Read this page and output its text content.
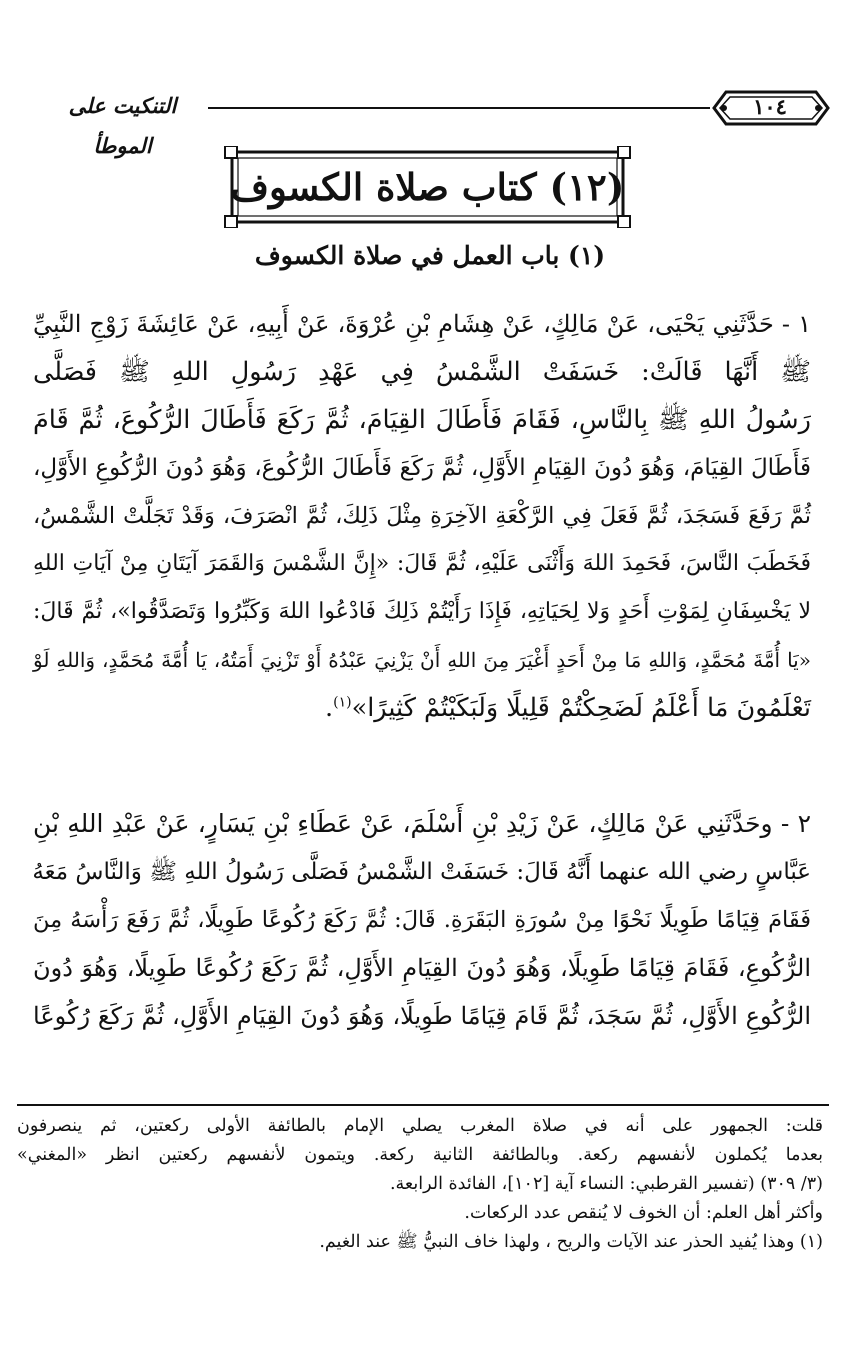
١٠٤
التنكيت على الموطأ
(١٢) كتاب صلاة الكسوف
(١) باب العمل في صلاة الكسوف
١ - حَدَّثَنِي يَحْيَى، عَنْ مَالِكٍ، عَنْ هِشَامِ بْنِ عُرْوَةَ، عَنْ أَبِيهِ، عَنْ عَائِشَةَ زَوْجِ النَّبِيِّ
ﷺ أَنَّهَا قَالَتْ: خَسَفَتْ الشَّمْسُ فِي عَهْدِ رَسُولِ اللهِ ﷺ فَصَلَّى
رَسُولُ اللهِ ﷺ بِالنَّاسِ، فَقَامَ فَأَطَالَ القِيَامَ، ثُمَّ رَكَعَ فَأَطَالَ الرُّكُوعَ، ثُمَّ قَامَ
فَأَطَالَ القِيَامَ، وَهُوَ دُونَ القِيَامِ الأَوَّلِ، ثُمَّ رَكَعَ فَأَطَالَ الرُّكُوعَ، وَهُوَ دُونَ الرُّكُوعِ الأَوَّلِ،
ثُمَّ رَفَعَ فَسَجَدَ، ثُمَّ فَعَلَ فِي الرَّكْعَةِ الآخِرَةِ مِثْلَ ذَلِكَ، ثُمَّ انْصَرَفَ، وَقَدْ تَجَلَّتْ الشَّمْسُ،
فَخَطَبَ النَّاسَ، فَحَمِدَ اللهَ وَأَثْنَى عَلَيْهِ، ثُمَّ قَالَ: «إِنَّ الشَّمْسَ وَالقَمَرَ آيَتَانِ مِنْ آيَاتِ اللهِ
لا يَخْسِفَانِ لِمَوْتِ أَحَدٍ وَلا لِحَيَاتِهِ، فَإِذَا رَأَيْتُمْ ذَلِكَ فَادْعُوا اللهَ وَكَبِّرُوا وَتَصَدَّقُوا»، ثُمَّ قَالَ:
«يَا أُمَّةَ مُحَمَّدٍ، وَاللهِ مَا مِنْ أَحَدٍ أَغْيَرَ مِنَ اللهِ أَنْ يَزْنِيَ عَبْدُهُ أَوْ تَزْنِيَ أَمَتُهُ، يَا أُمَّةَ مُحَمَّدٍ، وَاللهِ لَوْ
تَعْلَمُونَ مَا أَعْلَمُ لَضَحِكْتُمْ قَلِيلًا وَلَبَكَيْتُمْ كَثِيرًا»$^{(١)}$.
٢ - وحَدَّثَنِي عَنْ مَالِكٍ، عَنْ زَيْدِ بْنِ أَسْلَمَ، عَنْ عَطَاءِ بْنِ يَسَارٍ، عَنْ عَبْدِ اللهِ بْنِ
عَبَّاسٍ رضي الله عنهما أَنَّهُ قَالَ: خَسَفَتْ الشَّمْسُ فَصَلَّى رَسُولُ اللهِ ﷺ وَالنَّاسُ مَعَهُ
فَقَامَ قِيَامًا طَوِيلًا نَحْوًا مِنْ سُورَةِ البَقَرَةِ. قَالَ: ثُمَّ رَكَعَ رُكُوعًا طَوِيلًا، ثُمَّ رَفَعَ رَأْسَهُ مِنَ
الرُّكُوعِ، فَقَامَ قِيَامًا طَوِيلًا، وَهُوَ دُونَ القِيَامِ الأَوَّلِ، ثُمَّ رَكَعَ رُكُوعًا طَوِيلًا، وَهُوَ دُونَ
الرُّكُوعِ الأَوَّلِ، ثُمَّ سَجَدَ، ثُمَّ قَامَ قِيَامًا طَوِيلًا، وَهُوَ دُونَ القِيَامِ الأَوَّلِ، ثُمَّ رَكَعَ رُكُوعًا
قلت: الجمهور على أنه في صلاة المغرب يصلي الإمام بالطائفة الأولى ركعتين، ثم ينصرفون
بعدما يُكملون لأنفسهم ركعة. وبالطائفة الثانية ركعة. ويتمون لأنفسهم ركعتين انظر «المغني»
(٣/ ٣٠٩) (تفسير القرطبي: النساء آية [١٠٢]، الفائدة الرابعة.
وأكثر أهل العلم: أن الخوف لا يُنقص عدد الركعات.
(١) وهذا يُفيد الحذر عند الآيات والريح ، ولهذا خاف النبيُّ ﷺ عند الغيم.
